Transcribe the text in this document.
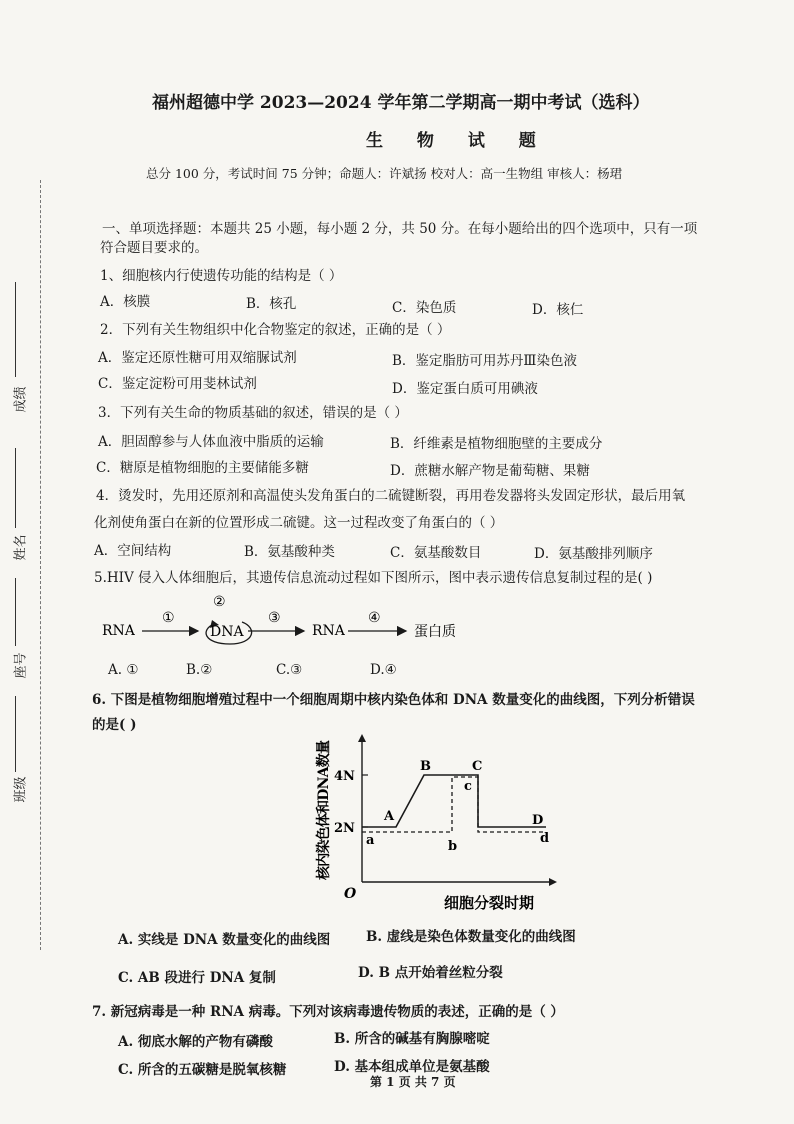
成绩
姓名
座号
班级
福州超德中学 2023—2024 学年第二学期高一期中考试（选科）
生 物 试 题
总分 100 分，考试时间 75 分钟；命题人：许斌扬 校对人：高一生物组 审核人：杨珺
一、单项选择题：本题共 25 小题，每小题 2 分，共 50 分。在每小题给出的四个选项中，只有一项
符合题目要求的。
1、细胞核内行使遗传功能的结构是（ ）
A．核膜	B．核孔	C．染色质	D．核仁
2．下列有关生物组织中化合物鉴定的叙述，正确的是（ ）
A．鉴定还原性糖可用双缩脲试剂	B．鉴定脂肪可用苏丹Ⅲ染色液
C．鉴定淀粉可用斐林试剂	D．鉴定蛋白质可用碘液
3．下列有关生命的物质基础的叙述，错误的是（ ）
A．胆固醇参与人体血液中脂质的运输	B．纤维素是植物细胞壁的主要成分
C．糖原是植物细胞的主要储能多糖	D．蔗糖水解产物是葡萄糖、果糖
4．烫发时，先用还原剂和高温使头发角蛋白的二硫键断裂，再用卷发器将头发固定形状，最后用氧
化剂使角蛋白在新的位置形成二硫键。这一过程改变了角蛋白的（ ）
A．空间结构	B．氨基酸种类	C．氨基酸数目	D．氨基酸排列顺序
5.HIV 侵入人体细胞后，其遗传信息流动过程如下图所示，图中表示遗传信息复制过程的是( )
RNA
①
②
DNA
③
RNA
④
蛋白质
A. ①	B.②	C.③	D.④
6. 下图是植物细胞增殖过程中一个细胞周期中核内染色体和 DNA 数量变化的曲线图，下列分析错误
的是( )
核内染色体和DNA数量
O
4N
2N
A
B	C
D
a	b
c
d
细胞分裂时期
A. 实线是 DNA 数量变化的曲线图	B. 虚线是染色体数量变化的曲线图
C. AB 段进行 DNA 复制	D. B 点开始着丝粒分裂
7. 新冠病毒是一种 RNA 病毒。下列对该病毒遗传物质的表述，正确的是（ ）
A. 彻底水解的产物有磷酸	B. 所含的碱基有胸腺嘧啶
C. 所含的五碳糖是脱氧核糖	D. 基本组成单位是氨基酸
第 1 页 共 7 页
